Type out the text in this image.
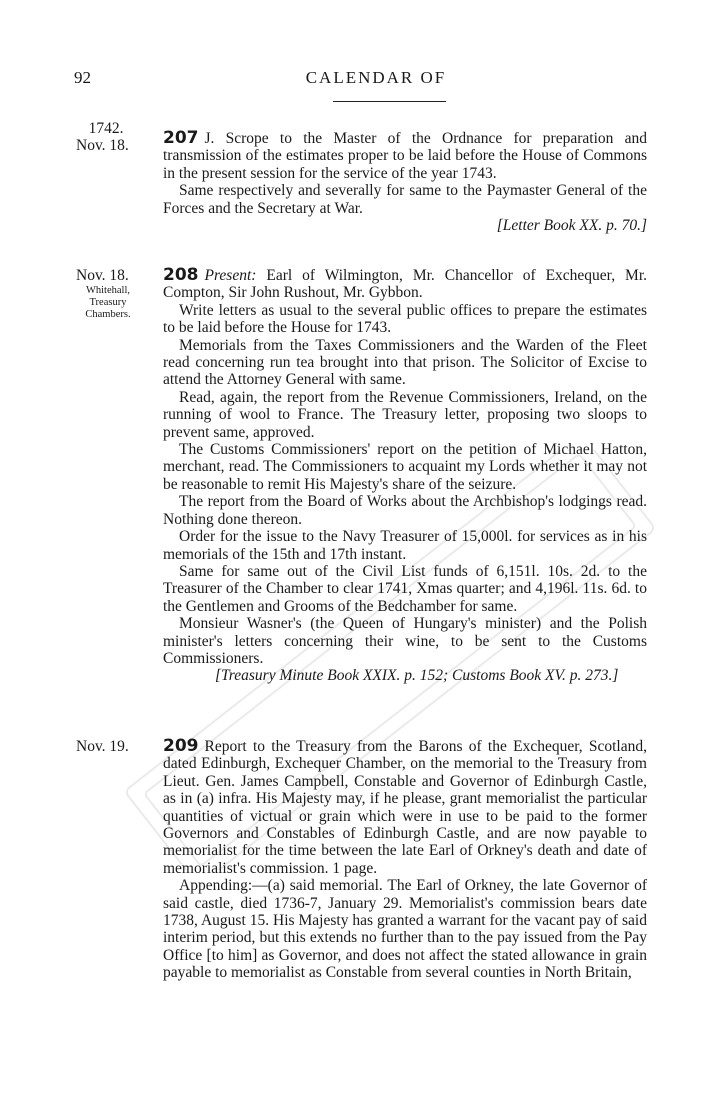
92	CALENDAR OF
1742.
Nov. 18.	207 J. Scrope to the Master of the Ordnance for preparation and transmission of the estimates proper to be laid before the House of Commons in the present session for the service of the year 1743.

Same respectively and severally for same to the Paymaster General of the Forces and the Secretary at War.

[Letter Book XX. p. 70.]

Nov. 18.
Whitehall, Treasury Chambers.

208 Present: Earl of Wilmington, Mr. Chancellor of Exchequer, Mr. Compton, Sir John Rushout, Mr. Gybbon.

Write letters as usual to the several public offices to prepare the estimates to be laid before the House for 1743.

Memorials from the Taxes Commissioners and the Warden of the Fleet read concerning run tea brought into that prison. The Solicitor of Excise to attend the Attorney General with same.

Read, again, the report from the Revenue Commissioners, Ireland, on the running of wool to France. The Treasury letter, proposing two sloops to prevent same, approved.

The Customs Commissioners' report on the petition of Michael Hatton, merchant, read. The Commissioners to acquaint my Lords whether it may not be reasonable to remit His Majesty's share of the seizure.

The report from the Board of Works about the Archbishop's lodgings read. Nothing done thereon.

Order for the issue to the Navy Treasurer of 15,000l. for services as in his memorials of the 15th and 17th instant.

Same for same out of the Civil List funds of 6,151l. 10s. 2d. to the Treasurer of the Chamber to clear 1741, Xmas quarter; and 4,196l. 11s. 6d. to the Gentlemen and Grooms of the Bedchamber for same.

Monsieur Wasner's (the Queen of Hungary's minister) and the Polish minister's letters concerning their wine, to be sent to the Customs Commissioners.

[Treasury Minute Book XXIX. p. 152; Customs Book XV. p. 273.]

Nov. 19.	209 Report to the Treasury from the Barons of the Exchequer, Scotland, dated Edinburgh, Exchequer Chamber, on the memorial to the Treasury from Lieut. Gen. James Campbell, Constable and Governor of Edinburgh Castle, as in (a) infra. His Majesty may, if he please, grant memorialist the particular quantities of victual or grain which were in use to be paid to the former Governors and Constables of Edinburgh Castle, and are now payable to memorialist for the time between the late Earl of Orkney's death and date of memorialist's commission. 1 page.

Appending:—(a) said memorial. The Earl of Orkney, the late Governor of said castle, died 1736-7, January 29. Memorialist's commission bears date 1738, August 15. His Majesty has granted a warrant for the vacant pay of said interim period, but this extends no further than to the pay issued from the Pay Office [to him] as Governor, and does not affect the stated allowance in grain payable to memorialist as Constable from several counties in North Britain,
